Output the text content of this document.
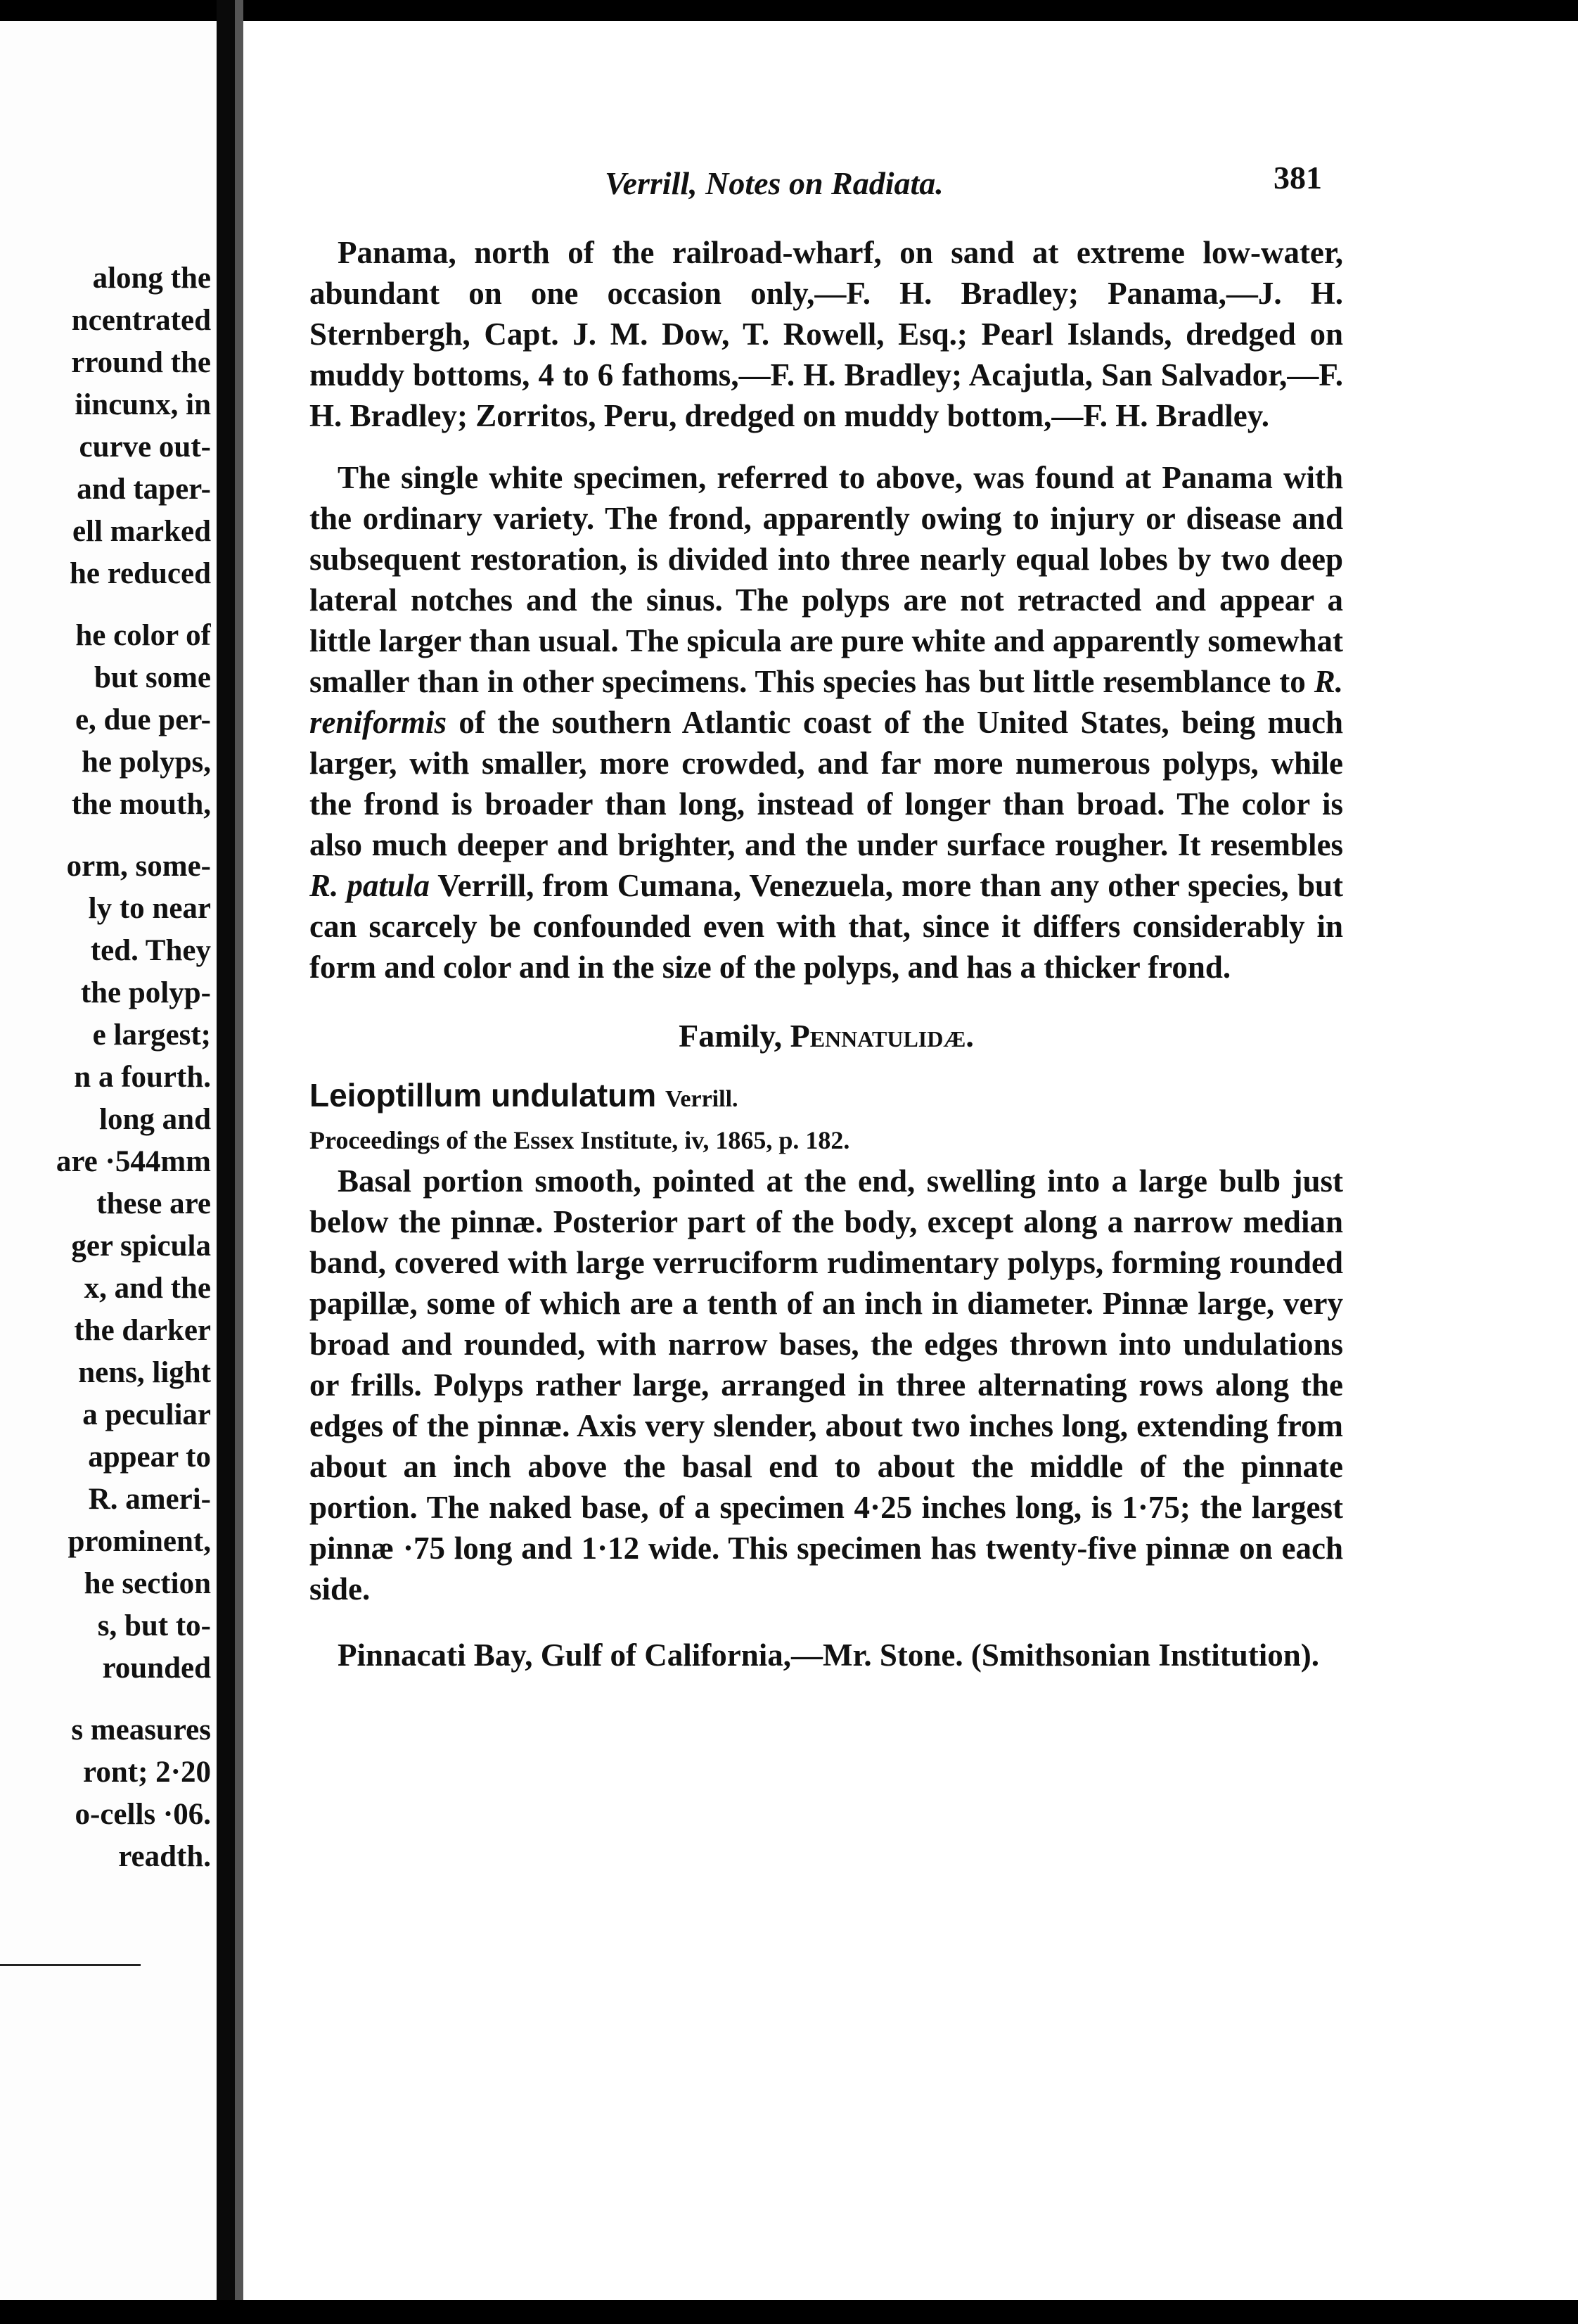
along the
ncentrated
rround the
iincunx, in
curve out-
and taper-
ell marked
he reduced
he color of
but some
e, due per-
he polyps,
the mouth,
orm, some-
ly to near
ted. They
the polyp-
e largest;
n a fourth.
long and
are ·544mm
these are
ger spicula
x, and the
the darker
nens, light
a peculiar
appear to
R. ameri-
prominent,
he section
s, but to-
rounded
s measures
ront; 2·20
o-cells ·06.
readth.
Verrill, Notes on Radiata.	381

Panama, north of the railroad-wharf, on sand at extreme low-water, abundant on one occasion only,—F. H. Bradley; Panama,—J. H. Sternbergh, Capt. J. M. Dow, T. Rowell, Esq.; Pearl Islands, dredged on muddy bottoms, 4 to 6 fathoms,—F. H. Bradley; Acajutla, San Salvador,—F. H. Bradley; Zorritos, Peru, dredged on muddy bottom,—F. H. Bradley.

The single white specimen, referred to above, was found at Panama with the ordinary variety. The frond, apparently owing to injury or disease and subsequent restoration, is divided into three nearly equal lobes by two deep lateral notches and the sinus. The polyps are not retracted and appear a little larger than usual. The spicula are pure white and apparently somewhat smaller than in other specimens. This species has but little resemblance to R. reniformis of the southern Atlantic coast of the United States, being much larger, with smaller, more crowded, and far more numerous polyps, while the frond is broader than long, instead of longer than broad. The color is also much deeper and brighter, and the under surface rougher. It resembles R. patula Verrill, from Cumana, Venezuela, more than any other species, but can scarcely be confounded even with that, since it differs considerably in form and color and in the size of the polyps, and has a thicker frond.

Family, Pennatulidæ.

Leioptillum undulatum Verrill.

Proceedings of the Essex Institute, iv, 1865, p. 182.

Basal portion smooth, pointed at the end, swelling into a large bulb just below the pinnæ. Posterior part of the body, except along a narrow median band, covered with large verruciform rudimentary polyps, forming rounded papillæ, some of which are a tenth of an inch in diameter. Pinnæ large, very broad and rounded, with narrow bases, the edges thrown into undulations or frills. Polyps rather large, arranged in three alternating rows along the edges of the pinnæ. Axis very slender, about two inches long, extending from about an inch above the basal end to about the middle of the pinnate portion. The naked base, of a specimen 4·25 inches long, is 1·75; the largest pinnæ ·75 long and 1·12 wide. This specimen has twenty-five pinnæ on each side.

Pinnacati Bay, Gulf of California,—Mr. Stone. (Smithsonian Institution).
